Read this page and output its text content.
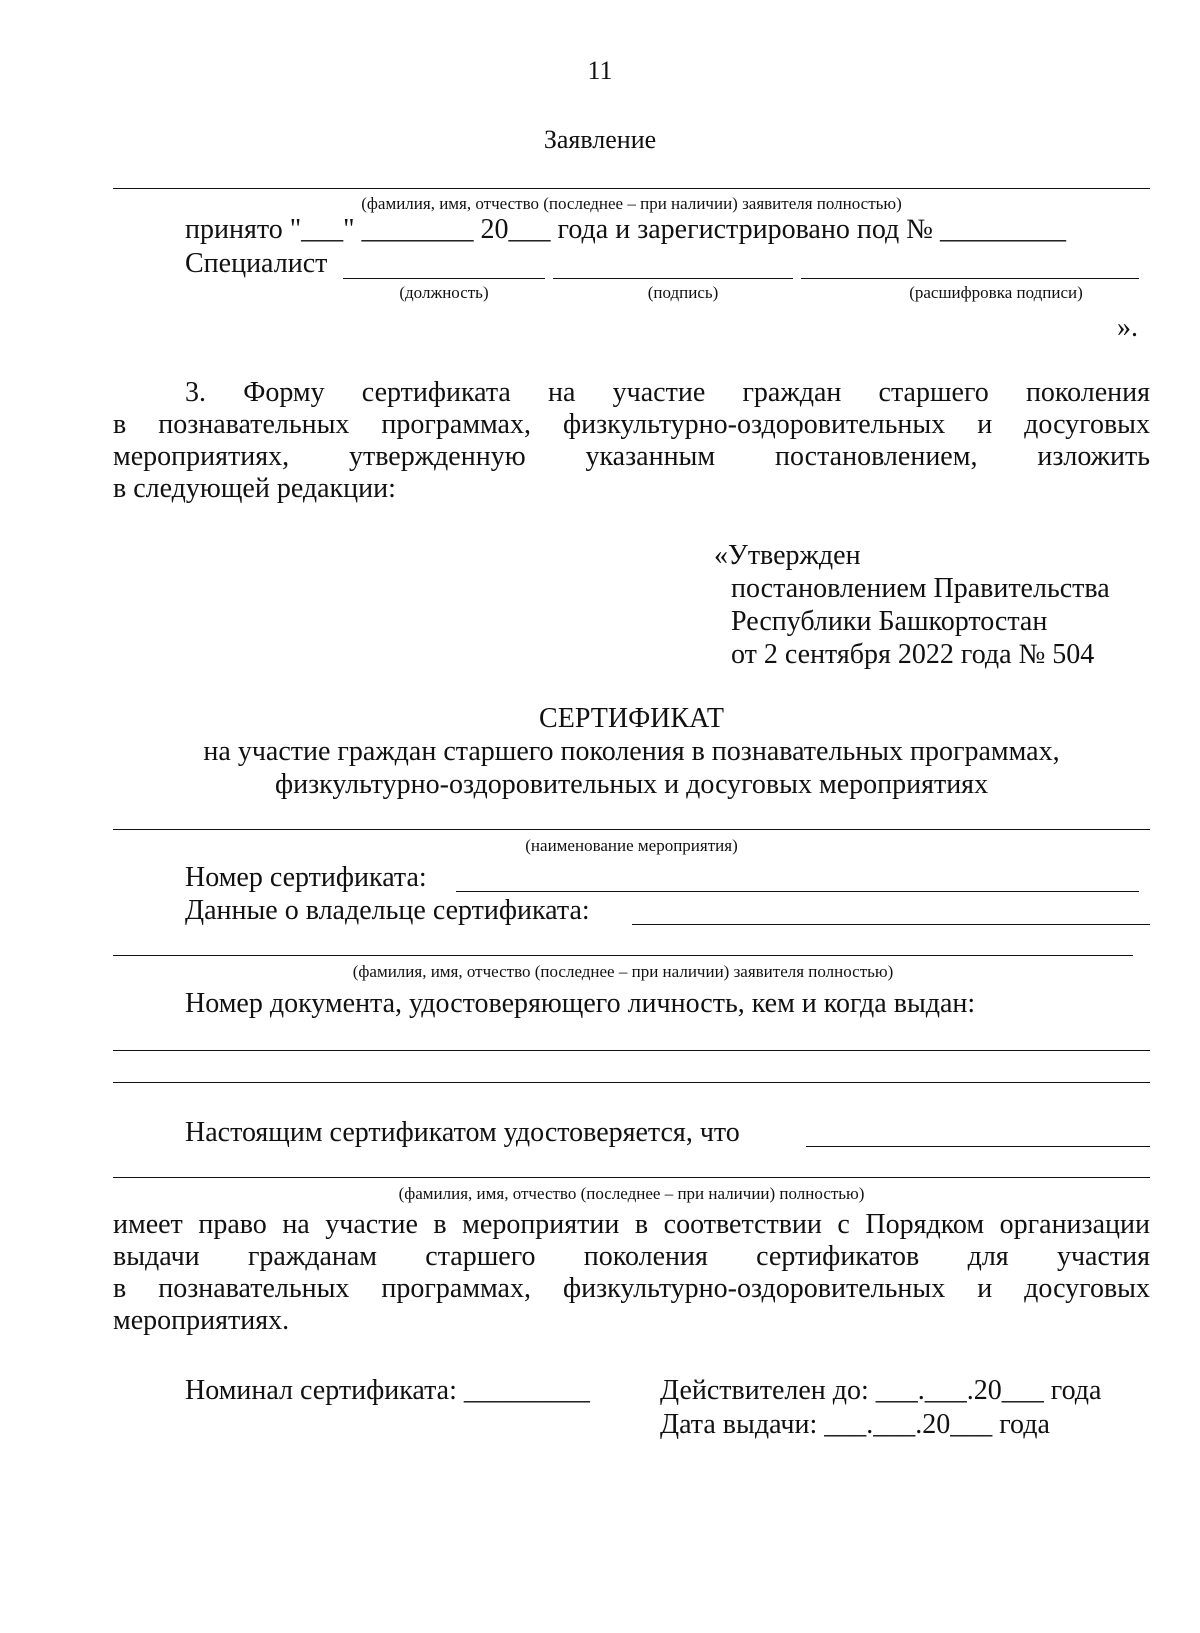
11
Заявление
(фамилия, имя, отчество (последнее – при наличии) заявителя полностью)
принято "___" ________ 20___ года и зарегистрировано под № _________
Специалист
(должность)	(подпись)	(расшифровка подписи)
».
3. Форму сертификата на участие граждан старшего поколения
в познавательных программах, физкультурно-оздоровительных и досуговых
мероприятиях, утвержденную указанным постановлением, изложить
в следующей редакции:
«Утвержден
постановлением Правительства
Республики Башкортостан
от 2 сентября 2022 года № 504
СЕРТИФИКАТ
на участие граждан старшего поколения в познавательных программах,
физкультурно-оздоровительных и досуговых мероприятиях
(наименование мероприятия)
Номер сертификата:
Данные о владельце сертификата:
(фамилия, имя, отчество (последнее – при наличии) заявителя полностью)
Номер документа, удостоверяющего личность, кем и когда выдан:
Настоящим сертификатом удостоверяется, что
(фамилия, имя, отчество (последнее – при наличии) полностью)
имеет право на участие в мероприятии в соответствии с Порядком организации
выдачи гражданам старшего поколения сертификатов для участия
в познавательных программах, физкультурно-оздоровительных и досуговых
мероприятиях.
Номинал сертификата: _________	Действителен до: ___.___.20___ года
Дата выдачи: ___.___.20___ года
